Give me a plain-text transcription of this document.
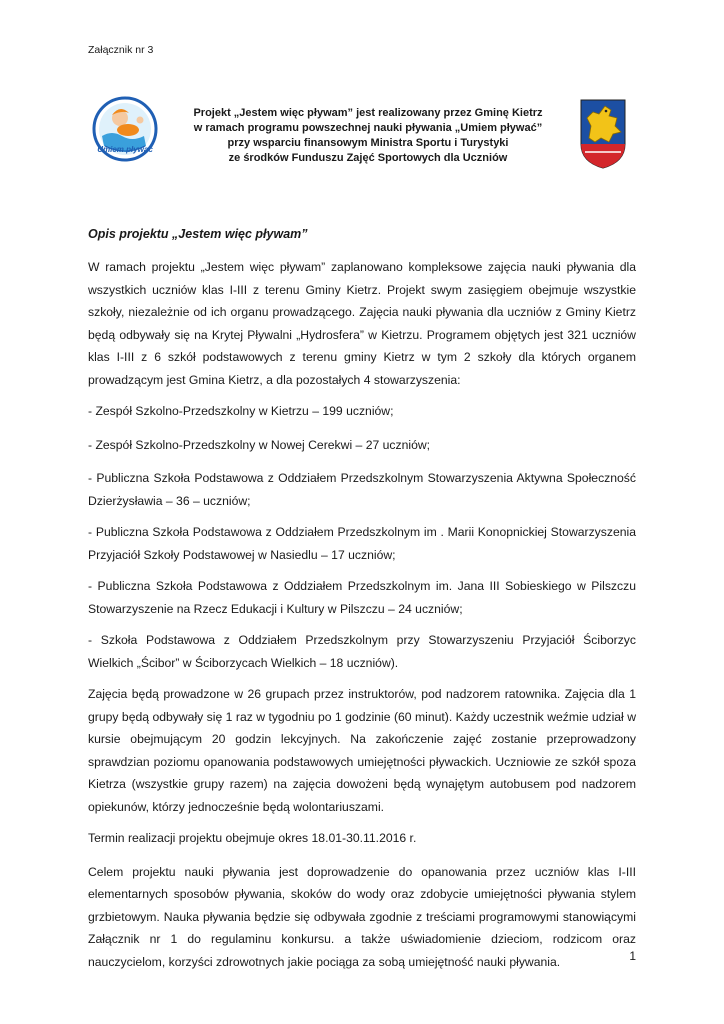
Załącznik nr 3
Umiem pływać
Projekt „Jestem więc pływam” jest realizowany przez Gminę Kietrz
w ramach programu powszechnej nauki pływania „Umiem pływać”
przy wsparciu finansowym Ministra Sportu i Turystyki
ze środków Funduszu Zajęć Sportowych dla Uczniów
Opis projektu „Jestem więc pływam”

W ramach projektu „Jestem więc pływam” zaplanowano kompleksowe zajęcia nauki pływania dla wszystkich uczniów klas I-III z terenu Gminy Kietrz. Projekt swym zasięgiem obejmuje wszystkie szkoły, niezależnie od ich organu prowadzącego. Zajęcia nauki pływania dla uczniów z Gminy Kietrz będą odbywały się na Krytej Pływalni „Hydrosfera” w Kietrzu. Programem objętych jest 321 uczniów klas I-III z 6 szkół podstawowych z terenu gminy Kietrz w tym 2 szkoły dla których organem prowadzącym jest Gmina Kietrz, a dla pozostałych 4 stowarzyszenia:

- Zespół Szkolno-Przedszkolny w Kietrzu – 199 uczniów;

- Zespół Szkolno-Przedszkolny w Nowej Cerekwi – 27 uczniów;

- Publiczna Szkoła Podstawowa z Oddziałem Przedszkolnym Stowarzyszenia Aktywna Społeczność Dzierżysławia – 36 – uczniów;

- Publiczna Szkoła Podstawowa z Oddziałem Przedszkolnym im . Marii Konopnickiej Stowarzyszenia Przyjaciół Szkoły Podstawowej w Nasiedlu – 17 uczniów;

- Publiczna Szkoła Podstawowa z Oddziałem Przedszkolnym im. Jana III Sobieskiego w Pilszczu Stowarzyszenie na Rzecz Edukacji i Kultury w Pilszczu – 24 uczniów;

- Szkoła Podstawowa z Oddziałem Przedszkolnym przy Stowarzyszeniu Przyjaciół Ściborzyc Wielkich „Ścibor” w Ściborzycach Wielkich – 18 uczniów).

Zajęcia będą prowadzone w 26 grupach przez instruktorów, pod nadzorem ratownika. Zajęcia dla 1 grupy będą odbywały się 1 raz w tygodniu po 1 godzinie (60 minut). Każdy uczestnik weźmie udział w kursie obejmującym 20 godzin lekcyjnych. Na zakończenie zajęć zostanie przeprowadzony sprawdzian poziomu opanowania podstawowych umiejętności pływackich. Uczniowie ze szkół spoza Kietrza (wszystkie grupy razem) na zajęcia dowożeni będą wynajętym autobusem pod nadzorem opiekunów, którzy jednocześnie będą wolontariuszami.

Termin realizacji projektu obejmuje okres 18.01-30.11.2016 r.

Celem projektu nauki pływania jest doprowadzenie do opanowania przez uczniów klas I-III elementarnych sposobów pływania, skoków do wody oraz zdobycie umiejętności pływania stylem grzbietowym. Nauka pływania będzie się odbywała zgodnie z treściami programowymi stanowiącymi Załącznik nr 1 do regulaminu konkursu. a także uświadomienie dzieciom, rodzicom oraz nauczycielom, korzyści zdrowotnych jakie pociąga za sobą umiejętność nauki pływania.	1
